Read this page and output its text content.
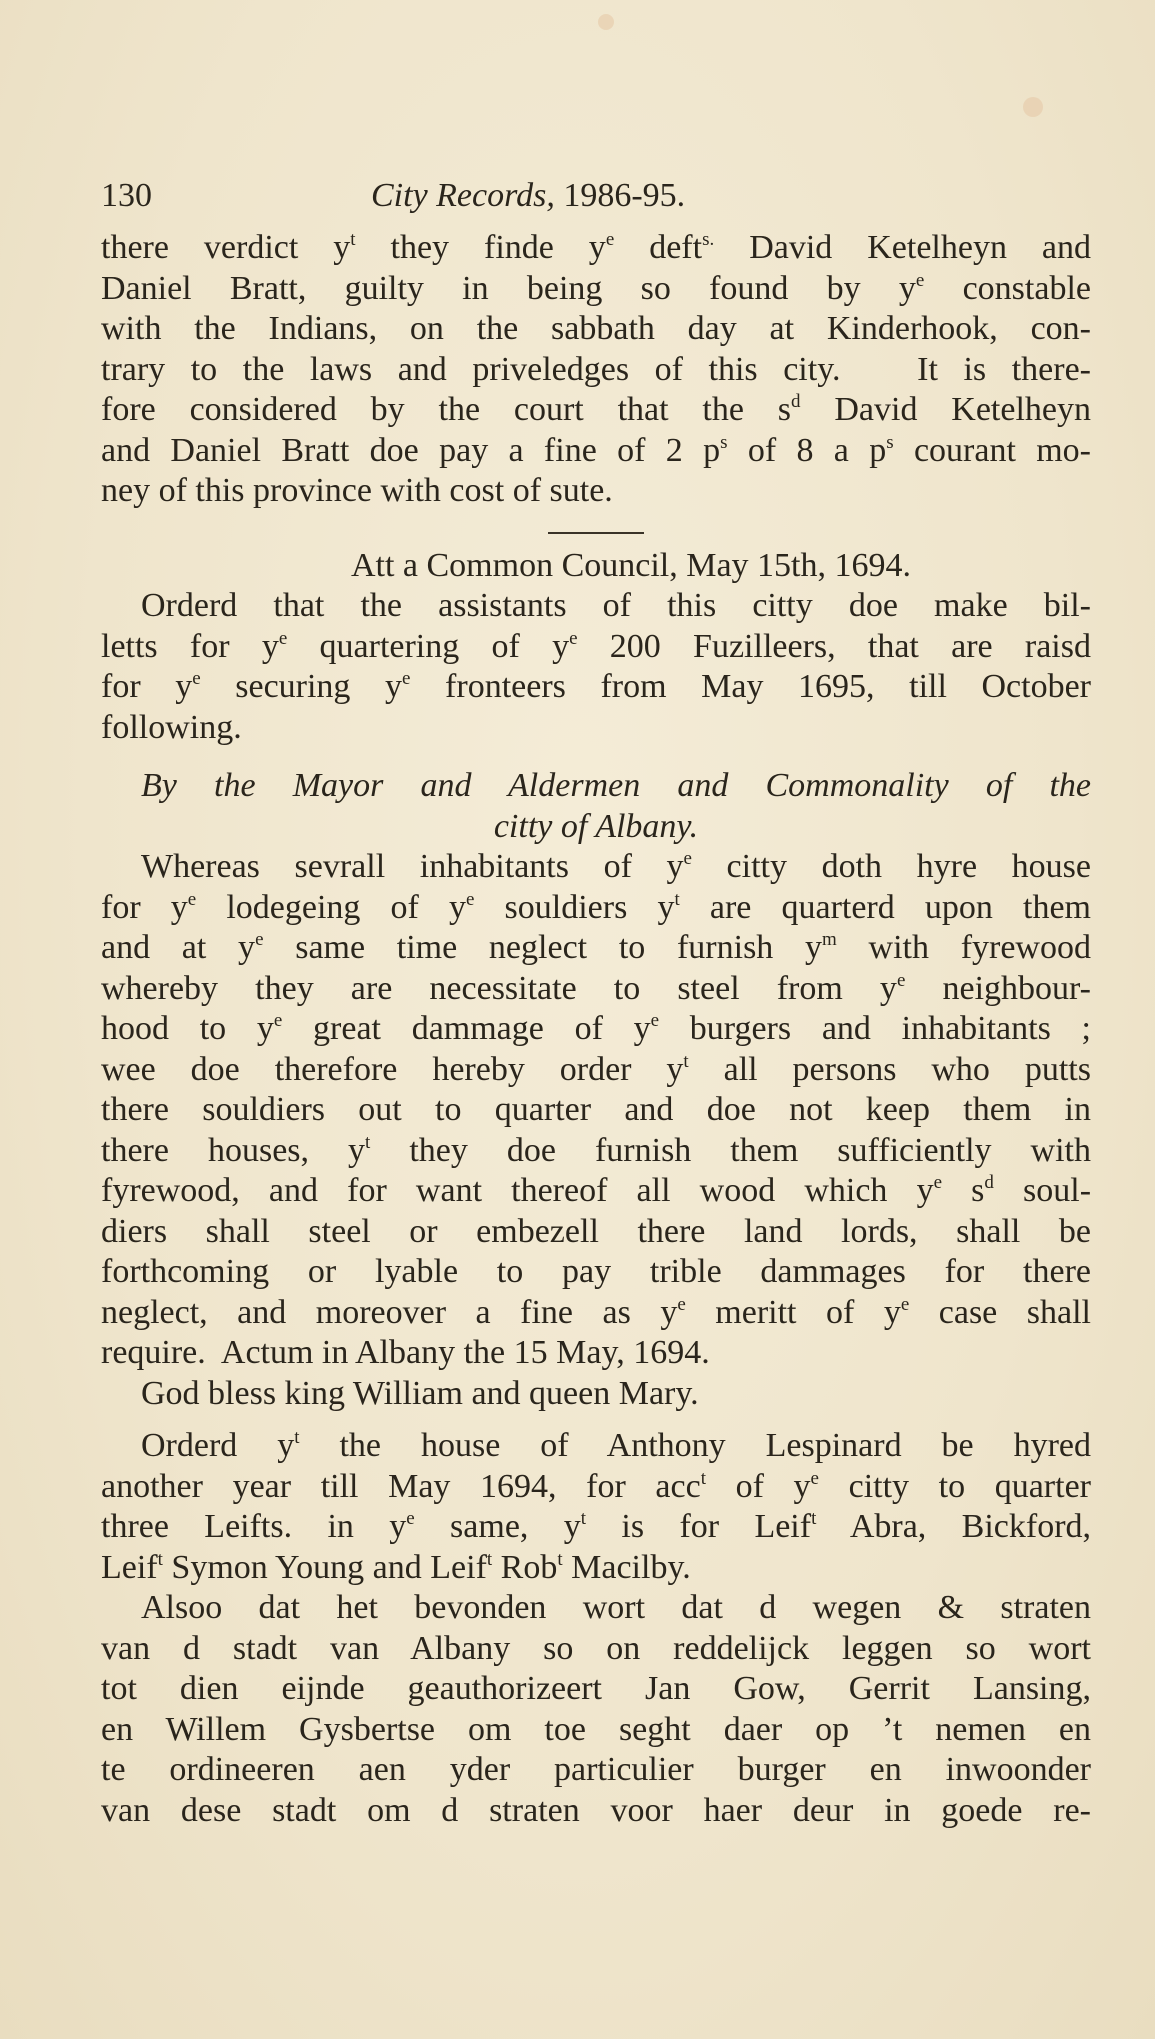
130	City Records, 1986-95.
there verdict $y^t$ they finde $y^e$ deft$^{s.}$ David Ketelheyn and
Daniel Bratt, guilty in being so found by $y^e$ constable
with the Indians, on the sabbath day at Kinderhook, con-
trary to the laws and priveledges of this city.   It is there-
fore considered by the court that the $s^d$ David Ketelheyn
and Daniel Bratt doe pay a fine of 2 $p^s$ of 8 a $p^s$ courant mo-
ney of this province with cost of sute.
Att a Common Council, May 15th, 1694.
Orderd that the assistants of this citty doe make bil-
letts for $y^e$ quartering of $y^e$ 200 Fuzilleers, that are raisd
for $y^e$ securing $y^e$ fronteers from May 1695, till October
following.
By the Mayor and Aldermen and Commonality of the
citty of Albany.
Whereas sevrall inhabitants of $y^e$ citty doth hyre house
for $y^e$ lodegeing of $y^e$ souldiers $y^t$ are quarterd upon them
and at $y^e$ same time neglect to furnish $y^m$ with fyrewood
whereby they are necessitate to steel from $y^e$ neighbour-
hood to $y^e$ great dammage of $y^e$ burgers and inhabitants ;
wee doe therefore hereby order $y^t$ all persons who putts
there souldiers out to quarter and doe not keep them in
there houses, $y^t$ they doe furnish them sufficiently with
fyrewood, and for want thereof all wood which $y^e$ $s^d$ soul-
diers shall steel or embezell there land lords, shall be
forthcoming or lyable to pay trible dammages for there
neglect, and moreover a fine as $y^e$ meritt of $y^e$ case shall
require.  Actum in Albany the 15 May, 1694.
God bless king William and queen Mary.
Orderd $y^t$ the house of Anthony Lespinard be hyred
another year till May 1694, for acc$^t$ of $y^e$ citty to quarter
three Leifts. in $y^e$ same, $y^t$ is for Leif$^t$ Abra, Bickford,
Leif$^t$ Symon Young and Leif$^t$ Rob$^t$ Macilby.
Alsoo dat het bevonden wort dat d wegen & straten
van d stadt van Albany so on reddelijck leggen so wort
tot dien eijnde geauthorizeert Jan Gow, Gerrit Lansing,
en Willem Gysbertse om toe seght daer op ’t nemen en
te ordineeren aen yder particulier burger en inwoonder
van dese stadt om d straten voor haer deur in goede re-
